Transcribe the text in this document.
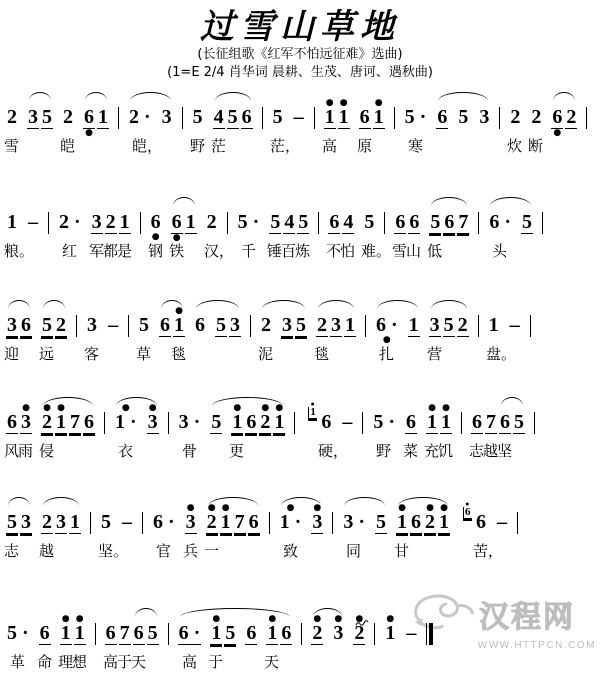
过雪山草地
(长征组歌《红军不怕远征难》选曲)
(1=E 2/4 肖华词 晨耕、生茂、唐诃、遇秋曲)
2 3 5 2 6
●
1 2 · 3 5 4 5 6 5 –
●
1
●
1 6
●
1 5 · 6 5 3 2 2 6
●
2
雪	皑	皑， 野 茫	茫， 高 原 寒	炊 断
1 – 2 · 3 2 1 6
●
6
●
1 2 5 · 5 4 5 6 4 5 6 6 5 6 7 6 · 5
粮。 红 军
都
是 钢 铁 汉， 千 锤
百
炼 不
怕 难。 雪
山 低	头
3 6 5 2 3 – 5 6
●
1 6 5 3 2 3 5 2 3 1 6 ·
●
1 3 5 2 1 –
迎 远 客 草 毯	泥	毯	扎 营	盘。
6
●
3
●
2
●
1 7 6
●
1 ·
●
3 3 · 5
●
1 6
●
2
●
1 6
●
1 – 5 · 6
●
1
●
1 6 7 6 5
风
雨 侵	衣	骨 更	硬， 野 菜 充
饥 志
越
坚
5 3 2 3 1 5 – 6 ·
●
3
●
2
●
1 7 6
●
1 ·
●
3 3 · 5
●
1 6
●
2
●
1 6
●
6 –
志 越	坚。 官 兵 一	致	同 甘	苦，
5 · 6
●
1
●
1 6 7 6 5 6 ·
●
1 5 6
●
1 6
●
2
●
3
●
2
●
1 –
革 命 理
想 高
于
天 高 于	天
汉程网
WWW.HTTPCN.COM
